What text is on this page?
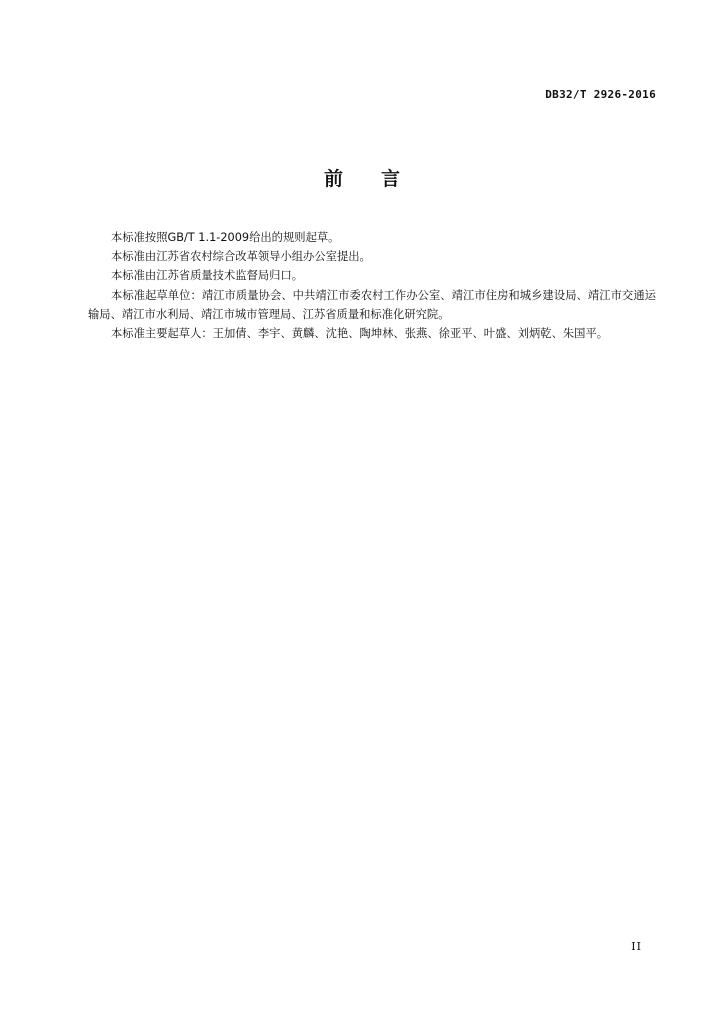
DB32/T 2926-2016
前　　言

本标准按照GB/T 1.1-2009给出的规则起草。

本标准由江苏省农村综合改革领导小组办公室提出。

本标准由江苏省质量技术监督局归口。

本标准起草单位：靖江市质量协会、中共靖江市委农村工作办公室、靖江市住房和城乡建设局、靖江市交通运输局、靖江市水利局、靖江市城市管理局、江苏省质量和标准化研究院。

本标准主要起草人：王加倩、李宇、黄麟、沈艳、陶坤林、张燕、徐亚平、叶盛、刘炳乾、朱国平。

II
